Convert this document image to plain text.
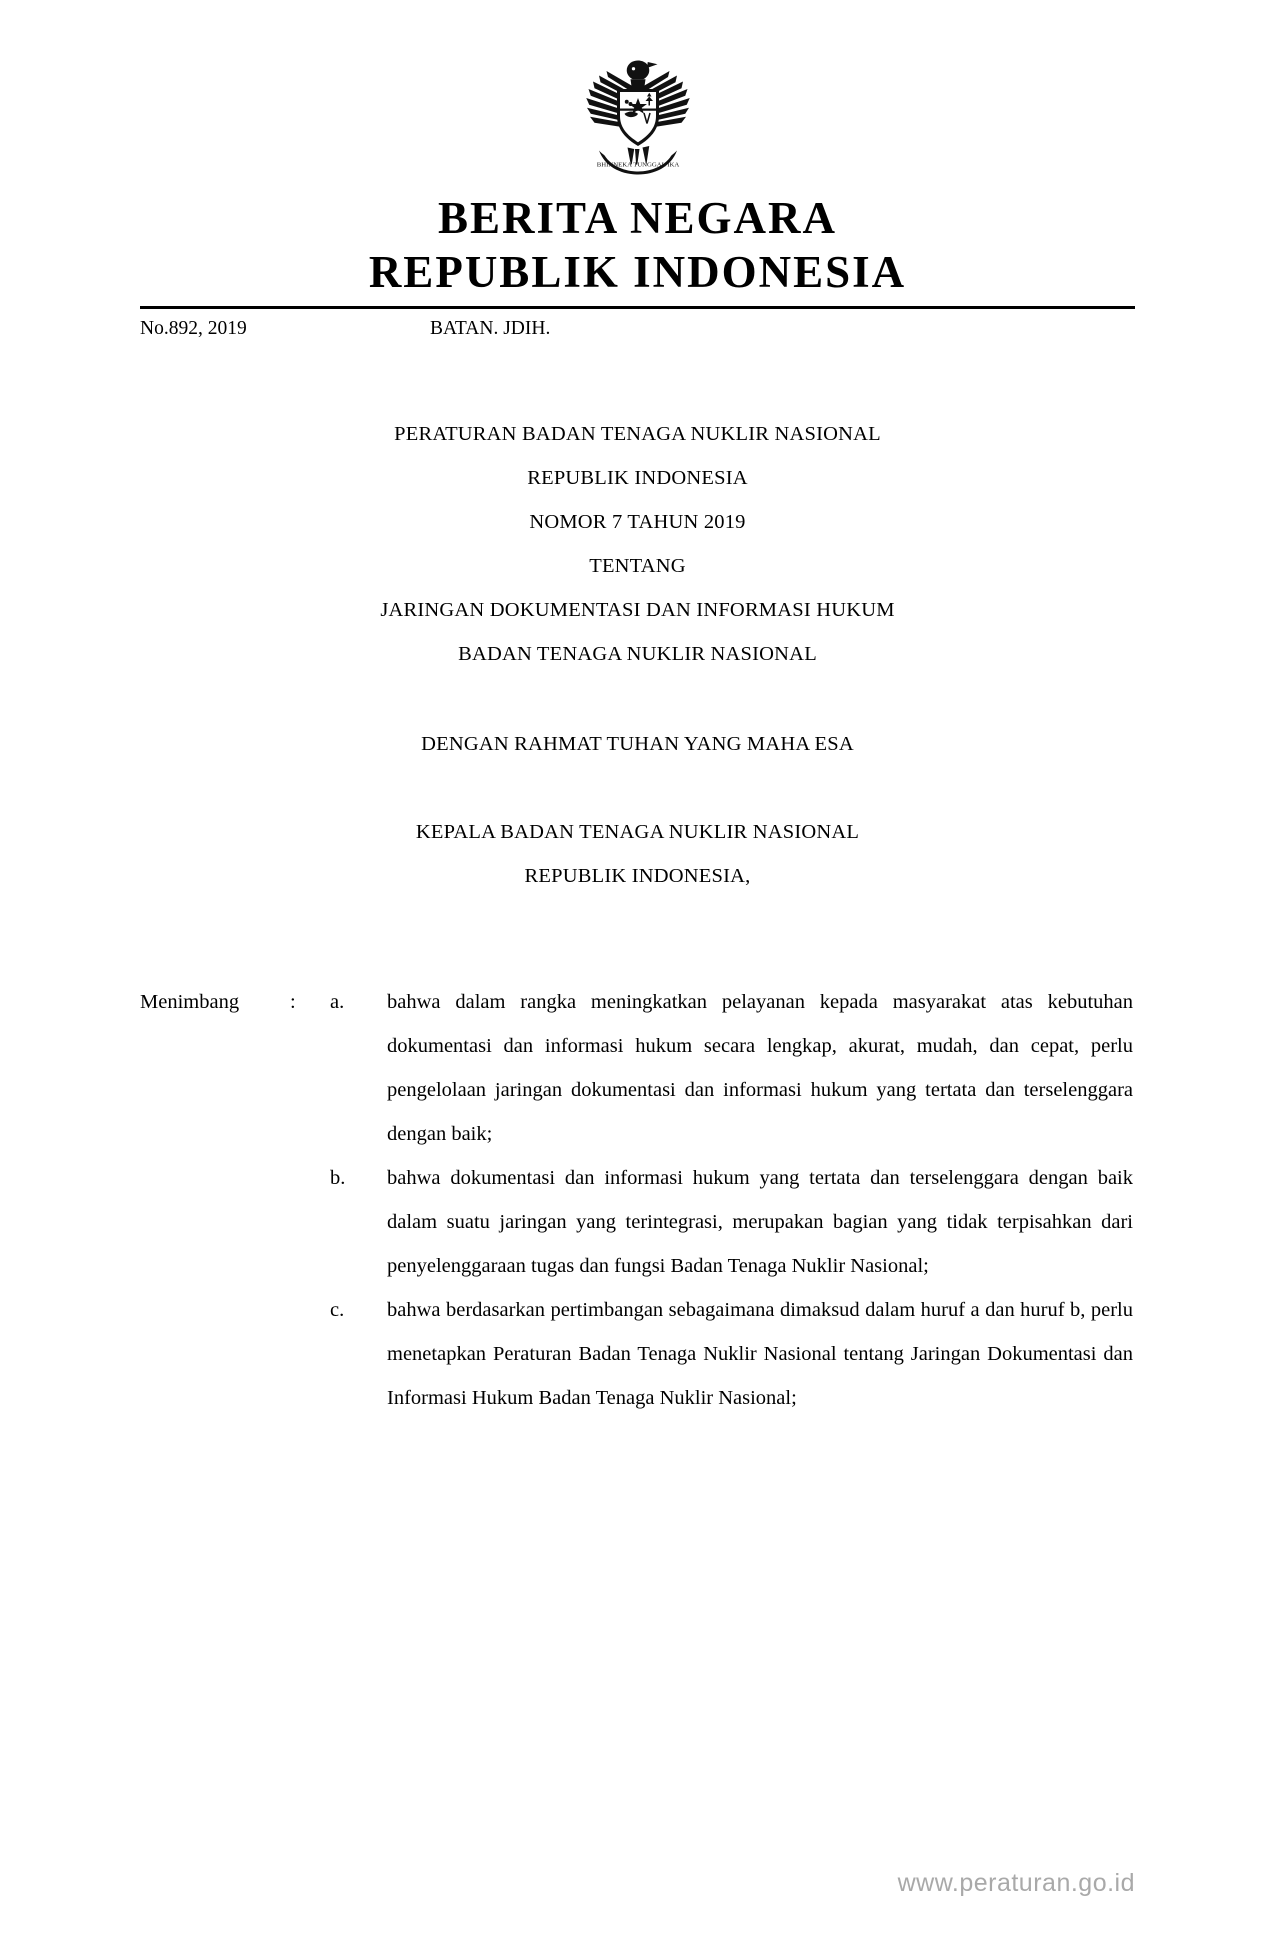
BHINNEKA TUNGGAL IKA
BERITA NEGARA
REPUBLIK INDONESIA
No.892, 2019	BATAN. JDIH.
PERATURAN BADAN TENAGA NUKLIR NASIONAL
REPUBLIK INDONESIA
NOMOR 7 TAHUN 2019
TENTANG
JARINGAN DOKUMENTASI DAN INFORMASI HUKUM
BADAN TENAGA NUKLIR NASIONAL
DENGAN RAHMAT TUHAN YANG MAHA ESA
KEPALA BADAN TENAGA NUKLIR NASIONAL
REPUBLIK INDONESIA,
Menimbang	:	a.	bahwa dalam rangka meningkatkan pelayanan kepada masyarakat atas kebutuhan dokumentasi dan informasi hukum secara lengkap, akurat, mudah, dan cepat, perlu pengelolaan jaringan dokumentasi dan informasi hukum yang tertata dan terselenggara dengan baik;
b.	bahwa dokumentasi dan informasi hukum yang tertata dan terselenggara dengan baik dalam suatu jaringan yang terintegrasi, merupakan bagian yang tidak terpisahkan dari penyelenggaraan tugas dan fungsi Badan Tenaga Nuklir Nasional;
c.	bahwa berdasarkan pertimbangan sebagaimana dimaksud dalam huruf a dan huruf b, perlu menetapkan Peraturan Badan Tenaga Nuklir Nasional tentang Jaringan Dokumentasi dan Informasi Hukum Badan Tenaga Nuklir Nasional;
www.peraturan.go.id
